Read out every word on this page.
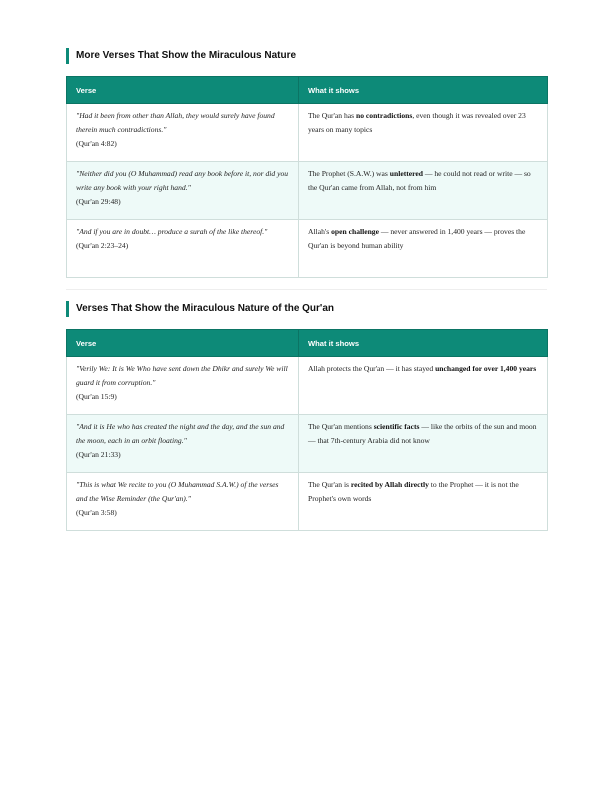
More Verses That Show the Miraculous Nature
Verse	What it shows
"Had it been from other than Allah, they would surely have found therein much contradictions."
(Qur'an 4:82)	The Qur'an has no contradictions, even though it was revealed over 23 years on many topics
"Neither did you (O Muhammad) read any book before it, nor did you write any book with your right hand."
(Qur'an 29:48)	The Prophet (S.A.W.) was unlettered — he could not read or write — so the Qur'an came from Allah, not from him
"And if you are in doubt… produce a surah of the like thereof."
(Qur'an 2:23–24)	Allah's open challenge — never answered in 1,400 years — proves the Qur'an is beyond human ability
Verses That Show the Miraculous Nature of the Qur'an
Verse	What it shows
"Verily We: It is We Who have sent down the Dhikr and surely We will guard it from corruption."
(Qur'an 15:9)	Allah protects the Qur'an — it has stayed unchanged for over 1,400 years
"And it is He who has created the night and the day, and the sun and the moon, each in an orbit floating."
(Qur'an 21:33)	The Qur'an mentions scientific facts — like the orbits of the sun and moon — that 7th-century Arabia did not know
"This is what We recite to you (O Muhammad S.A.W.) of the verses and the Wise Reminder (the Qur'an)."
(Qur'an 3:58)	The Qur'an is recited by Allah directly to the Prophet — it is not the Prophet's own words
